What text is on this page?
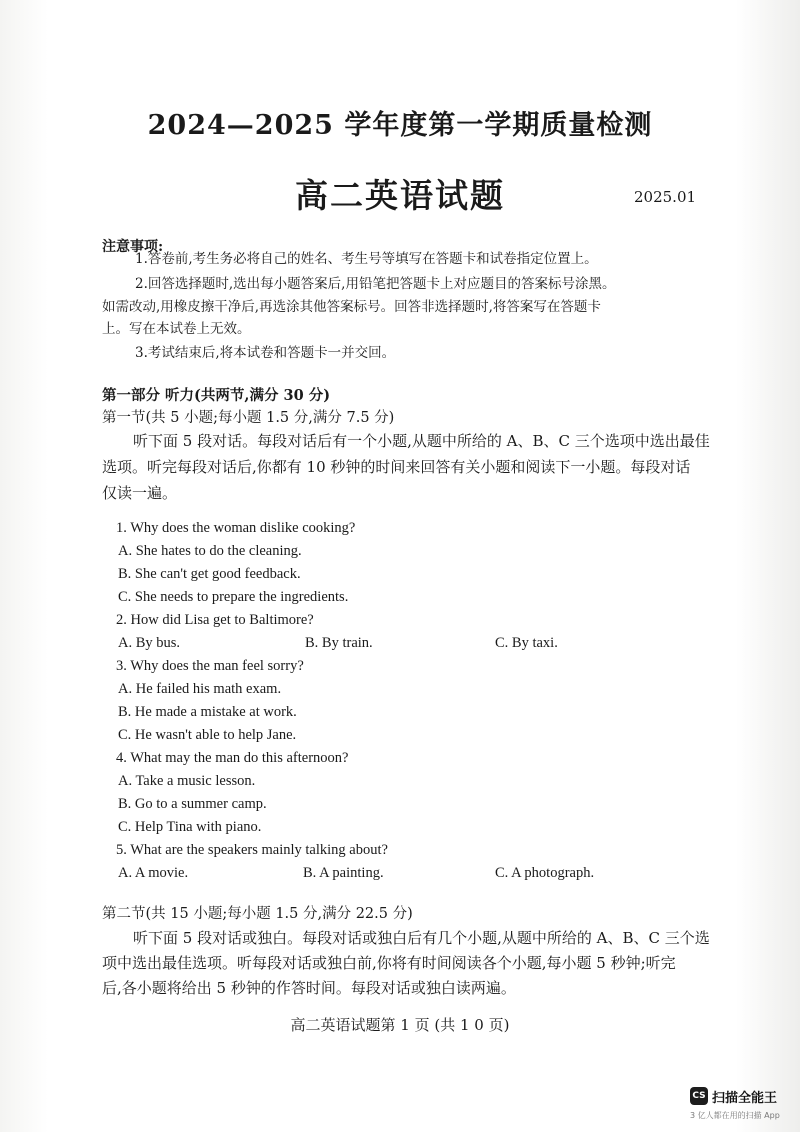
2024—2025 学年度第一学期质量检测
高二英语试题	2025.01
注意事项:
1.答卷前,考生务必将自己的姓名、考生号等填写在答题卡和试卷指定位置上。
2.回答选择题时,选出每小题答案后,用铅笔把答题卡上对应题目的答案标号涂黑。
如需改动,用橡皮擦干净后,再选涂其他答案标号。回答非选择题时,将答案写在答题卡
上。写在本试卷上无效。
3.考试结束后,将本试卷和答题卡一并交回。
第一部分 听力(共两节,满分 30 分)
第一节(共 5 小题;每小题 1.5 分,满分 7.5 分)
听下面 5 段对话。每段对话后有一个小题,从题中所给的 A、B、C 三个选项中选出最佳
选项。听完每段对话后,你都有 10 秒钟的时间来回答有关小题和阅读下一小题。每段对话
仅读一遍。
1. Why does the woman dislike cooking?
A. She hates to do the cleaning.
B. She can't get good feedback.
C. She needs to prepare the ingredients.
2. How did Lisa get to Baltimore?
A. By bus.	B. By train.	C. By taxi.
3. Why does the man feel sorry?
A. He failed his math exam.
B. He made a mistake at work.
C. He wasn't able to help Jane.
4. What may the man do this afternoon?
A. Take a music lesson.
B. Go to a summer camp.
C. Help Tina with piano.
5. What are the speakers mainly talking about?
A. A movie.	B. A painting.	C. A photograph.
第二节(共 15 小题;每小题 1.5 分,满分 22.5 分)
听下面 5 段对话或独白。每段对话或独白后有几个小题,从题中所给的 A、B、C 三个选
项中选出最佳选项。听每段对话或独白前,你将有时间阅读各个小题,每小题 5 秒钟;听完
后,各小题将给出 5 秒钟的作答时间。每段对话或独白读两遍。
高二英语试题第 1 页 (共 1 0 页)
CS 扫描全能王
3 亿人都在用的扫描 App
